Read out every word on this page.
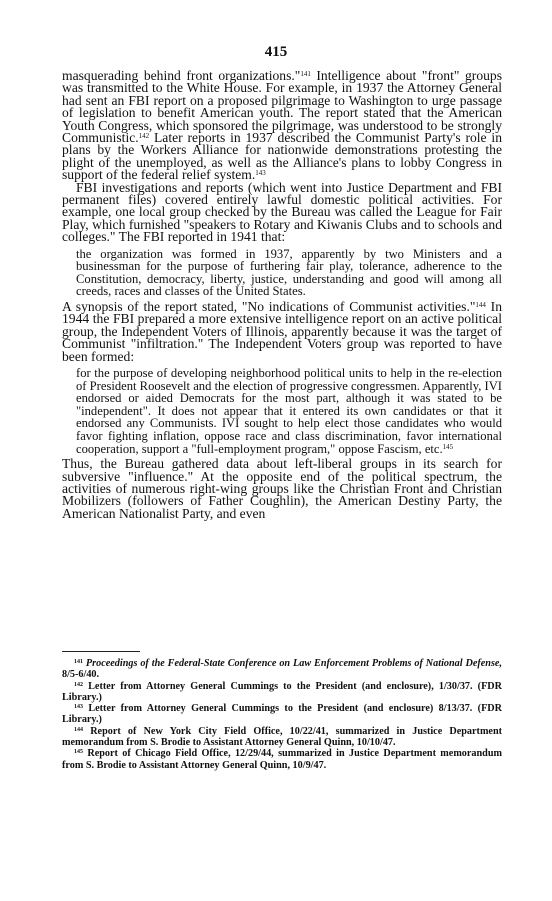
415

masquerading behind front organizations."$^{141}$ Intelligence about "front" groups was transmitted to the White House. For example, in 1937 the Attorney General had sent an FBI report on a proposed pilgrimage to Washington to urge passage of legislation to benefit American youth. The report stated that the American Youth Congress, which sponsored the pilgrimage, was understood to be strongly Communistic.$^{142}$ Later reports in 1937 described the Communist Party's role in plans by the Workers Alliance for nationwide demonstrations protesting the plight of the unemployed, as well as the Alliance's plans to lobby Congress in support of the federal relief system.$^{143}$

FBI investigations and reports (which went into Justice Department and FBI permanent files) covered entirely lawful domestic political activities. For example, one local group checked by the Bureau was called the League for Fair Play, which furnished "speakers to Rotary and Kiwanis Clubs and to schools and colleges." The FBI reported in 1941 that:

the organization was formed in 1937, apparently by two Ministers and a businessman for the purpose of furthering fair play, tolerance, adherence to the Constitution, democracy, liberty, justice, understanding and good will among all creeds, races and classes of the United States.

A synopsis of the report stated, "No indications of Communist activities."$^{144}$ In 1944 the FBI prepared a more extensive intelligence report on an active political group, the Independent Voters of Illinois, apparently because it was the target of Communist "infiltration." The Independent Voters group was reported to have been formed:

for the purpose of developing neighborhood political units to help in the re-election of President Roosevelt and the election of progressive congressmen. Apparently, IVI endorsed or aided Democrats for the most part, although it was stated to be "independent". It does not appear that it entered its own candidates or that it endorsed any Communists. IVI sought to help elect those candidates who would favor fighting inflation, oppose race and class discrimination, favor international cooperation, support a "full-employment program," oppose Fascism, etc.$^{145}$

Thus, the Bureau gathered data about left-liberal groups in its search for subversive "influence." At the opposite end of the political spectrum, the activities of numerous right-wing groups like the Christian Front and Christian Mobilizers (followers of Father Coughlin), the American Destiny Party, the American Nationalist Party, and even

$^{141}$ Proceedings of the Federal-State Conference on Law Enforcement Problems of National Defense, 8/5-6/40.

$^{142}$ Letter from Attorney General Cummings to the President (and enclosure), 1/30/37. (FDR Library.)

$^{143}$ Letter from Attorney General Cummings to the President (and enclosure) 8/13/37. (FDR Library.)

$^{144}$ Report of New York City Field Office, 10/22/41, summarized in Justice Department memorandum from S. Brodie to Assistant Attorney General Quinn, 10/10/47.

$^{145}$ Report of Chicago Field Office, 12/29/44, summarized in Justice Department memorandum from S. Brodie to Assistant Attorney General Quinn, 10/9/47.
